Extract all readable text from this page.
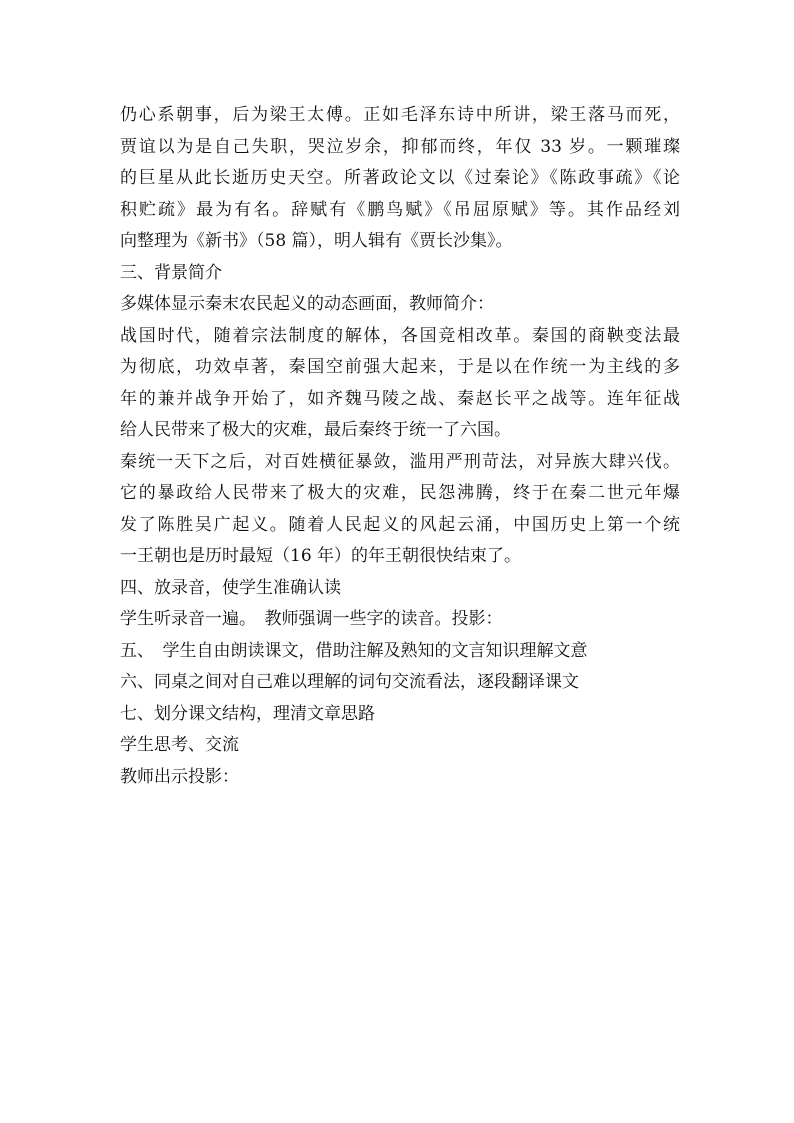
仍心系朝事，后为梁王太傅。正如毛泽东诗中所讲，梁王落马而死，
贾谊以为是自己失职，哭泣岁余，抑郁而终，年仅 33 岁。一颗璀璨
的巨星从此长逝历史天空。所著政论文以《过秦论》《陈政事疏》《论
积贮疏》最为有名。辞赋有《鹏鸟赋》《吊屈原赋》等。其作品经刘
向整理为《新书》（58 篇），明人辑有《贾长沙集》。
三、背景简介
多媒体显示秦末农民起义的动态画面，教师简介：
战国时代，随着宗法制度的解体，各国竞相改革。秦国的商鞅变法最
为彻底，功效卓著，秦国空前强大起来，于是以在作统一为主线的多
年的兼并战争开始了，如齐魏马陵之战、秦赵长平之战等。连年征战
给人民带来了极大的灾难，最后秦终于统一了六国。
秦统一天下之后，对百姓横征暴敛，滥用严刑苛法，对异族大肆兴伐。
它的暴政给人民带来了极大的灾难，民怨沸腾，终于在秦二世元年爆
发了陈胜吴广起义。随着人民起义的风起云涌，中国历史上第一个统
一王朝也是历时最短（16 年）的年王朝很快结束了。
四、放录音，使学生准确认读
学生听录音一遍。　教师强调一些字的读音。投影：
五、　学生自由朗读课文，借助注解及熟知的文言知识理解文意
六、同桌之间对自己难以理解的词句交流看法，逐段翻译课文
七、划分课文结构，理清文章思路
学生思考、交流
教师出示投影：
